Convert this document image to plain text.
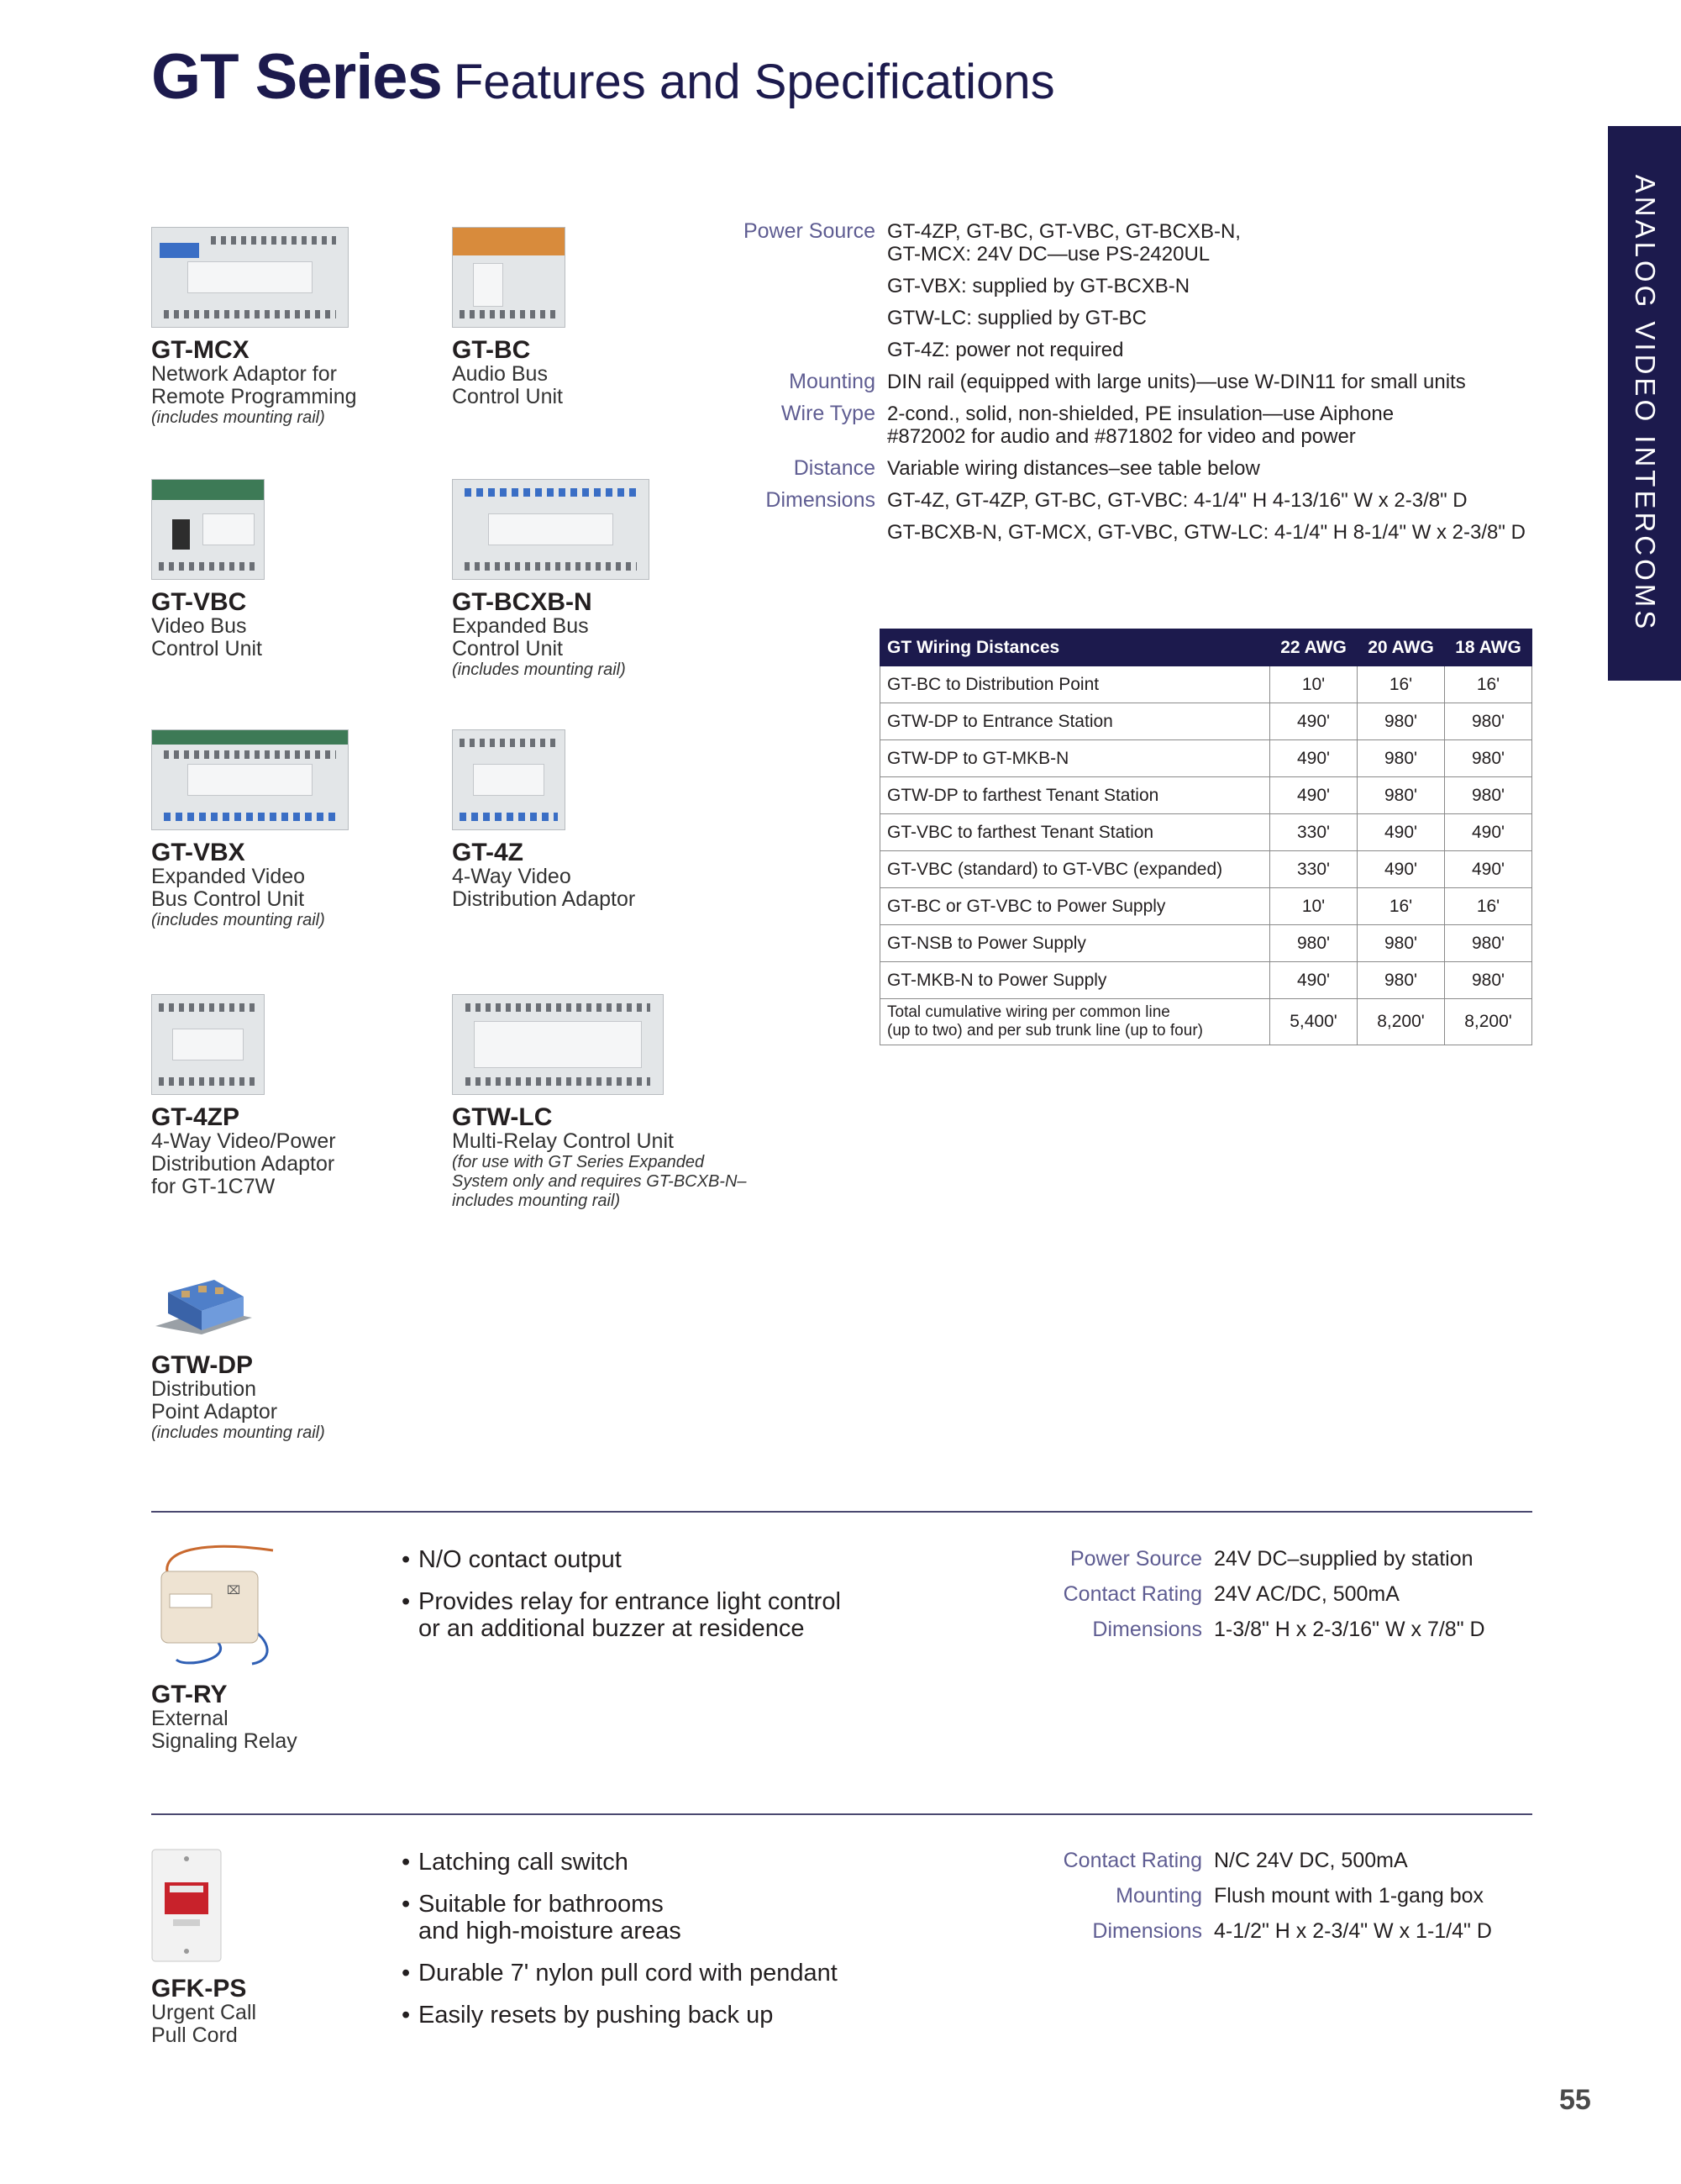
GT Series Features and Specifications
ANALOG VIDEO INTERCOMS
GT-MCX
Network Adaptor for
Remote Programming
(includes mounting rail)
GT-BC
Audio Bus
Control Unit
GT-VBC
Video Bus
Control Unit
GT-BCXB-N
Expanded Bus
Control Unit
(includes mounting rail)
GT-VBX
Expanded Video
Bus Control Unit
(includes mounting rail)
GT-4Z
4-Way Video
Distribution Adaptor
GT-4ZP
4-Way Video/Power
Distribution Adaptor
for GT-1C7W
GTW-LC
Multi-Relay Control Unit
(for use with GT Series Expanded
System only and requires GT-BCXB-N–
includes mounting rail)
GTW-DP
Distribution
Point Adaptor
(includes mounting rail)
Power Source GT-4ZP, GT-BC, GT-VBC, GT-BCXB-N,
GT-MCX: 24V DC—use PS-2420UL
GT-VBX: supplied by GT-BCXB-N
GTW-LC: supplied by GT-BC
GT-4Z: power not required
Mounting DIN rail (equipped with large units)—use W-DIN11 for small units
Wire Type 2-cond., solid, non-shielded, PE insulation—use Aiphone
#872002 for audio and #871802 for video and power
Distance Variable wiring distances–see table below
Dimensions GT-4Z, GT-4ZP, GT-BC, GT-VBC: 4-1/4" H 4-13/16" W x 2-3/8" D
GT-BCXB-N, GT-MCX, GT-VBC, GTW-LC: 4-1/4" H 8-1/4" W x 2-3/8" D
GT Wiring Distances	22 AWG	20 AWG	18 AWG
GT-BC to Distribution Point	10'	16'	16'
GTW-DP to Entrance Station	490'	980'	980'
GTW-DP to GT-MKB-N	490'	980'	980'
GTW-DP to farthest Tenant Station	490'	980'	980'
GT-VBC to farthest Tenant Station	330'	490'	490'
GT-VBC (standard) to GT-VBC (expanded)	330'	490'	490'
GT-BC or GT-VBC to Power Supply	10'	16'	16'
GT-NSB to Power Supply	980'	980'	980'
GT-MKB-N to Power Supply	490'	980'	980'

Total cumulative wiring per common line
(up to two) and per sub trunk line (up to four)	5,400'	8,200'	8,200'
⌧
GT-RY
External
Signaling Relay
• N/O contact output
• Provides relay for entrance light control
or an additional buzzer at residence
Power Source 24V DC–supplied by station
Contact Rating 24V AC/DC, 500mA
Dimensions 1-3/8" H x 2-3/16" W x 7/8" D
GFK-PS
Urgent Call
Pull Cord
• Latching call switch
• Suitable for bathrooms
and high-moisture areas
• Durable 7' nylon pull cord with pendant
• Easily resets by pushing back up
Contact Rating N/C 24V DC, 500mA
Mounting Flush mount with 1-gang box
Dimensions 4-1/2" H x 2-3/4" W x 1-1/4" D
55
